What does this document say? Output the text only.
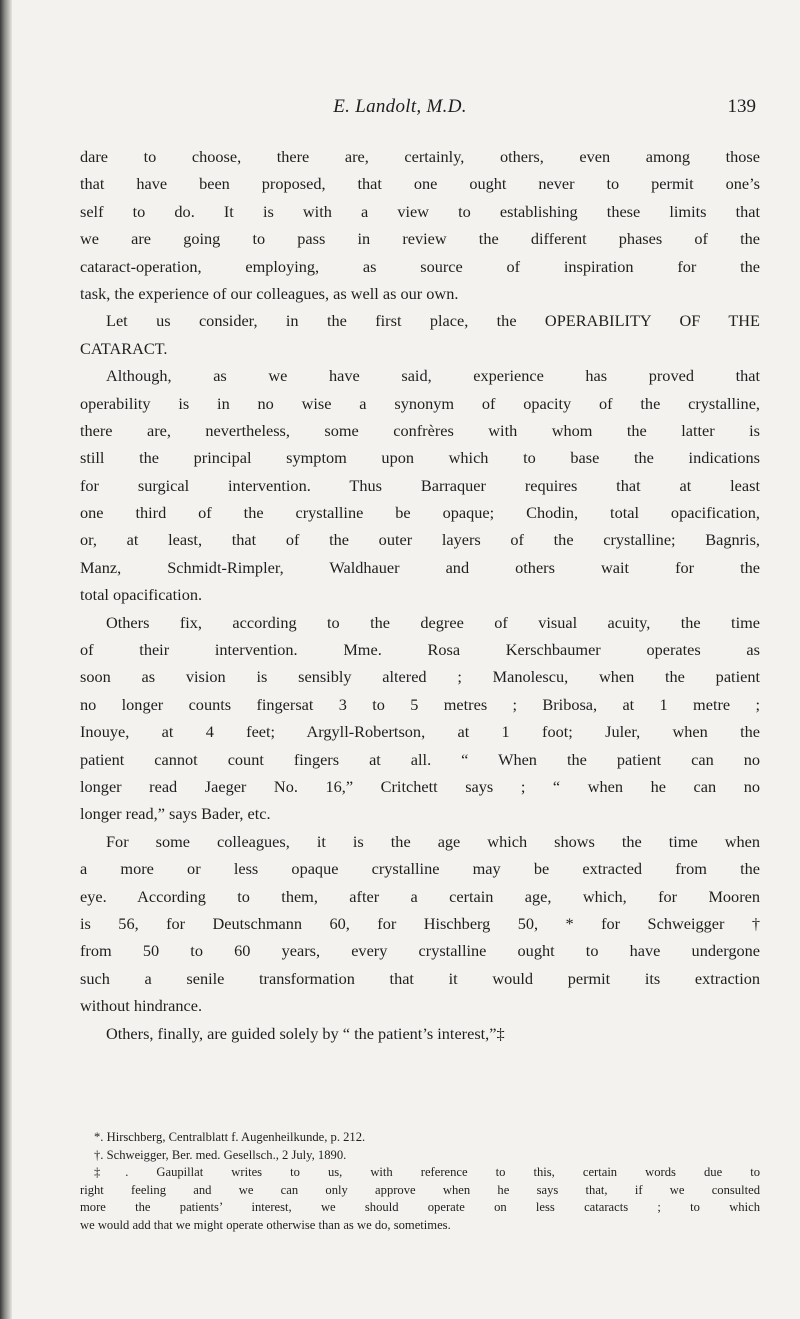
E. Landolt, M.D.	139
dare to choose, there are, certainly, others, even among those
that have been proposed, that one ought never to permit one’s
self to do. It is with a view to establishing these limits that
we are going to pass in review the different phases of the
cataract-operation, employing, as source of inspiration for the
task, the experience of our colleagues, as well as our own.
Let us consider, in the first place, the OPERABILITY OF THE
CATARACT.
Although, as we have said, experience has proved that
operability is in no wise a synonym of opacity of the crystalline,
there are, nevertheless, some confrères with whom the latter is
still the principal symptom upon which to base the indications
for surgical intervention. Thus Barraquer requires that at least
one third of the crystalline be opaque; Chodin, total opacification,
or, at least, that of the outer layers of the crystalline; Bagnris,
Manz, Schmidt-Rimpler, Waldhauer and others wait for the
total opacification.
Others fix, according to the degree of visual acuity, the time
of their intervention. Mme. Rosa Kerschbaumer operates as
soon as vision is sensibly altered ; Manolescu, when the patient
no longer counts fingersat 3 to 5 metres ; Bribosa, at 1 metre ;
Inouye, at 4 feet; Argyll-Robertson, at 1 foot; Juler, when the
patient cannot count fingers at all. “ When the patient can no
longer read Jaeger No. 16,” Critchett says ; “ when he can no
longer read,” says Bader, etc.
For some colleagues, it is the age which shows the time when
a more or less opaque crystalline may be extracted from the
eye. According to them, after a certain age, which, for Mooren
is 56, for Deutschmann 60, for Hischberg 50, * for Schweigger †
from 50 to 60 years, every crystalline ought to have undergone
such a senile transformation that it would permit its extraction
without hindrance.
Others, finally, are guided solely by “ the patient’s interest,”‡
*. Hirschberg, Centralblatt f. Augenheilkunde, p. 212.
†. Schweigger, Ber. med. Gesellsch., 2 July, 1890.
‡. Gaupillat writes to us, with reference to this, certain words due to
right feeling and we can only approve when he says that, if we consulted
more the patients’ interest, we should operate on less cataracts ; to which
we would add that we might operate otherwise than as we do, sometimes.
